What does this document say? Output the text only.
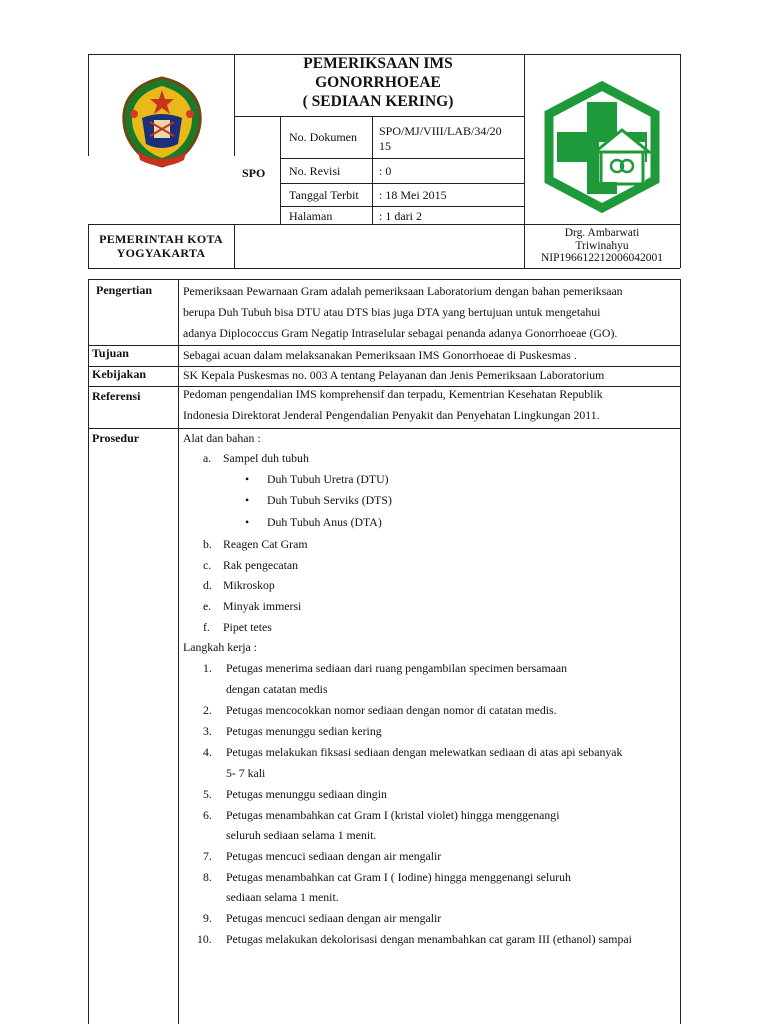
PEMERIKSAAN IMS
GONORRHOEAE
( SEDIAAN KERING)
SPO
No. Dokumen SPO/MJ/VIII/LAB/34/20
15
No. Revisi	: 0
Tanggal Terbit : 18 Mei 2015
Halaman	: 1 dari 2
PEMERINTAH KOTA
YOGYAKARTA
Drg. Ambarwati
Triwinahyu
NIP196612212006042001
Pengertian	Pemeriksaan Pewarnaan Gram adalah pemeriksaan Laboratorium dengan bahan pemeriksaan
berupa Duh Tubuh bisa DTU atau DTS bias juga DTA yang bertujuan untuk mengetahui
adanya Diplococcus Gram Negatip Intraselular sebagai penanda adanya Gonorrhoeae (GO).
Tujuan	Sebagai acuan dalam melaksanakan Pemeriksaan IMS Gonorrhoeae di Puskesmas .
Kebijakan	SK Kepala Puskesmas no. 003 A tentang Pelayanan dan Jenis Pemeriksaan Laboratorium
Referensi	Pedoman pengendalian IMS komprehensif dan terpadu, Kementrian Kesehatan Republik
Indonesia Direktorat Jenderal Pengendalian Penyakit dan Penyehatan Lingkungan 2011.
Prosedur	Alat dan bahan :
a. Sampel duh tubuh
• Duh Tubuh Uretra (DTU)
• Duh Tubuh Serviks (DTS)
• Duh Tubuh Anus (DTA)
b. Reagen Cat Gram
c. Rak pengecatan
d. Mikroskop
e. Minyak immersi
f. Pipet tetes
Langkah kerja :
1. Petugas menerima sediaan dari ruang pengambilan specimen bersamaan
dengan catatan medis
2. Petugas mencocokkan nomor sediaan dengan nomor di catatan medis.
3. Petugas menunggu sedian kering
4. Petugas melakukan fiksasi sediaan dengan melewatkan sediaan di atas api sebanyak
5- 7 kali
5. Petugas menunggu sediaan dingin
6. Petugas menambahkan cat Gram I (kristal violet) hingga menggenangi
seluruh sediaan selama 1 menit.
7. Petugas mencuci sediaan dengan air mengalir
8. Petugas menambahkan cat Gram I ( Iodine) hingga menggenangi seluruh
sediaan selama 1 menit.
9. Petugas mencuci sediaan dengan air mengalir
10. Petugas melakukan dekolorisasi dengan menambahkan cat garam III (ethanol) sampai
